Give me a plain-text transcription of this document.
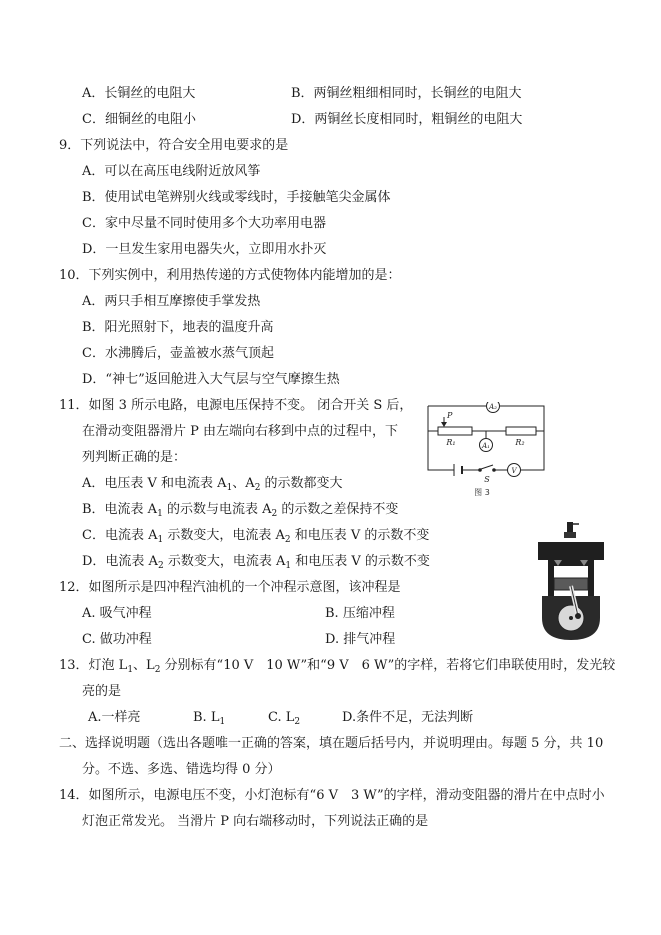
A．长铜丝的电阻大	B．两铜丝粗细相同时，长铜丝的电阻大
C．细铜丝的电阻小	D．两铜丝长度相同时，粗铜丝的电阻大
9．下列说法中，符合安全用电要求的是
A．可以在高压电线附近放风筝
B．使用试电笔辨别火线或零线时，手接触笔尖金属体
C．家中尽量不同时使用多个大功率用电器
D．一旦发生家用电器失火，立即用水扑灭
10．下列实例中，利用热传递的方式使物体内能增加的是：
A．两只手相互摩擦使手掌发热
B．阳光照射下，地表的温度升高
C．水沸腾后，壶盖被水蒸气顶起
D．“神七”返回舱进入大气层与空气摩擦生热
11．如图 3 所示电路，电源电压保持不变。 闭合开关 S 后，
在滑动变阻器滑片 P 由左端向右移到中点的过程中，下
列判断正确的是：
A．电压表 V 和电流表 $A_1$、$A_2$ 的示数都变大
B．电流表 $A_1$ 的示数与电流表 $A_2$ 的示数之差保持不变
C．电流表 $A_1$ 示数变大，电流表 $A_2$ 和电压表 V 的示数不变
D．电流表 $A_2$ 示数变大，电流表 $A_1$ 和电压表 V 的示数不变
A₂
A₁
V
P
R₁	R₂
S
图 3
12．如图所示是四冲程汽油机的一个冲程示意图，该冲程是
A. 吸气冲程	B. 压缩冲程
C. 做功冲程	D. 排气冲程
13．灯泡 $L_1$、$L_2$ 分别标有“10 V　10 W”和“9 V　6 W”的字样，若将它们串联使用时，发光较
亮的是
A.一样亮	B. $L_1$	C. $L_2$	D.条件不足，无法判断
二、选择说明题（选出各题唯一正确的答案，填在题后括号内，并说明理由。每题 5 分，共 10
分。不选、多选、错选均得 0 分）
14．如图所示，电源电压不变，小灯泡标有“6 V　3 W”的字样，滑动变阻器的滑片在中点时小
灯泡正常发光。 当滑片 P 向右端移动时，下列说法正确的是
